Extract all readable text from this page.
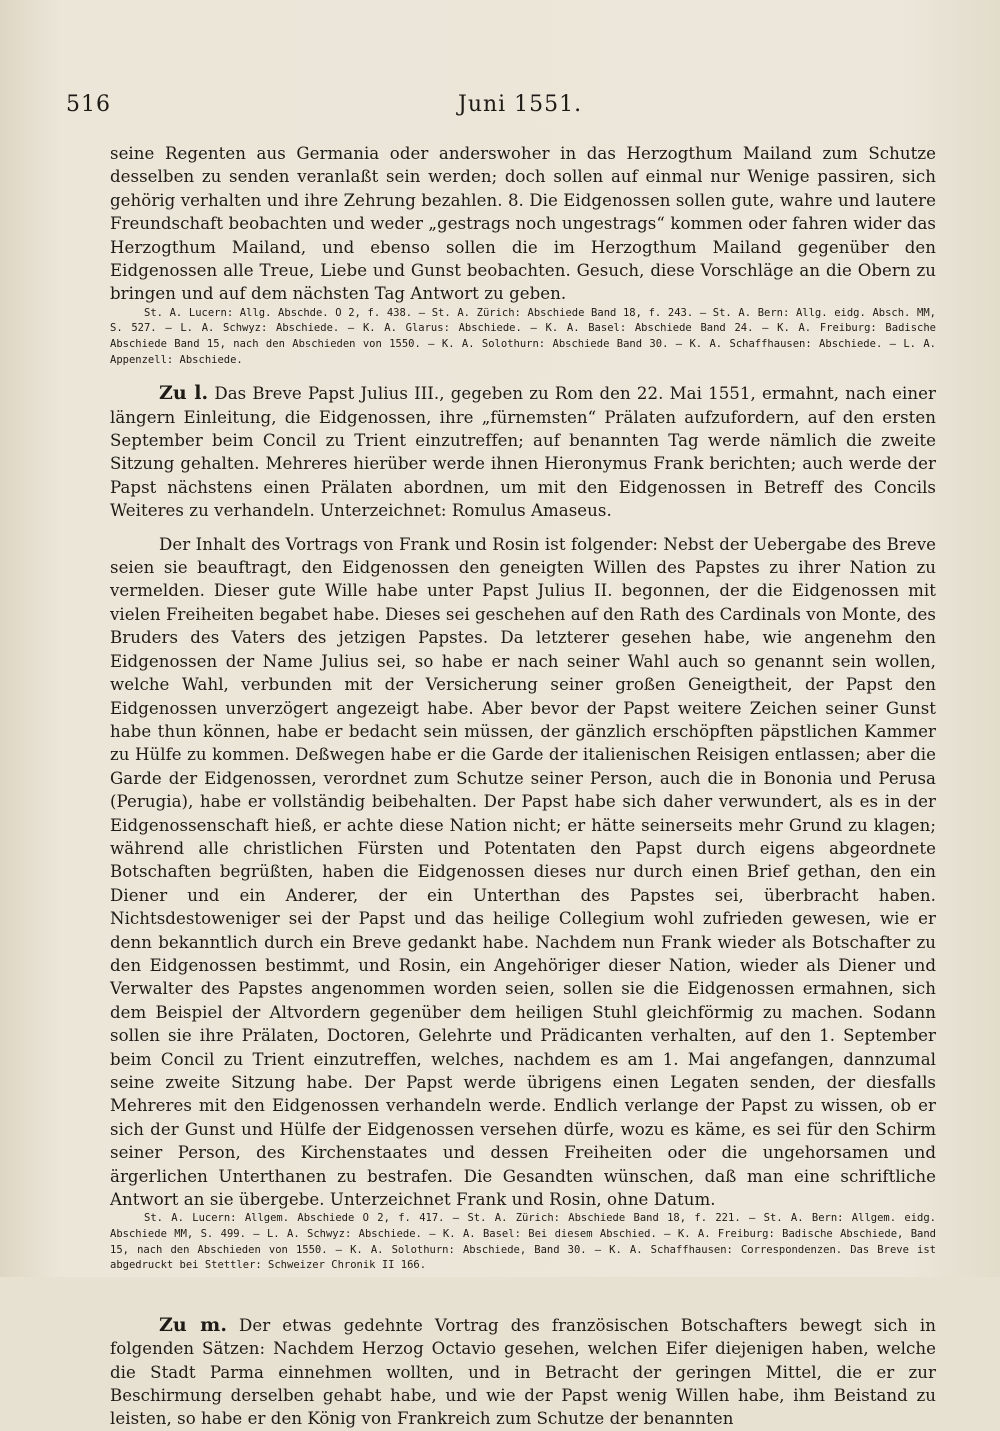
516	Juni 1551.

seine Regenten aus Germania oder anderswoher in das Herzogthum Mailand zum Schutze desselben zu senden veranlaßt sein werden; doch sollen auf einmal nur Wenige passiren, sich gehörig verhalten und ihre Zehrung bezahlen. 8. Die Eidgenossen sollen gute, wahre und lautere Freundschaft beobachten und weder „gestrags noch ungestrags“ kommen oder fahren wider das Herzogthum Mailand, und ebenso sollen die im Herzogthum Mailand gegenüber den Eidgenossen alle Treue, Liebe und Gunst beobachten. Gesuch, diese Vorschläge an die Obern zu bringen und auf dem nächsten Tag Antwort zu geben.

St. A. Lucern: Allg. Abschde. O 2, f. 438. — St. A. Zürich: Abschiede Band 18, f. 243. — St. A. Bern: Allg. eidg. Absch. MM, S. 527. — L. A. Schwyz: Abschiede. — K. A. Glarus: Abschiede. — K. A. Basel: Abschiede Band 24. — K. A. Freiburg: Badische Abschiede Band 15, nach den Abschieden von 1550. — K. A. Solothurn: Abschiede Band 30. — K. A. Schaffhausen: Abschiede. — L. A. Appenzell: Abschiede.

Zu l. Das Breve Papst Julius III., gegeben zu Rom den 22. Mai 1551, ermahnt, nach einer längern Einleitung, die Eidgenossen, ihre „fürnemsten“ Prälaten aufzufordern, auf den ersten September beim Concil zu Trient einzutreffen; auf benannten Tag werde nämlich die zweite Sitzung gehalten. Mehreres hierüber werde ihnen Hieronymus Frank berichten; auch werde der Papst nächstens einen Prälaten abordnen, um mit den Eidgenossen in Betreff des Concils Weiteres zu verhandeln. Unterzeichnet: Romulus Amaseus.

Der Inhalt des Vortrags von Frank und Rosin ist folgender: Nebst der Uebergabe des Breve seien sie beauftragt, den Eidgenossen den geneigten Willen des Papstes zu ihrer Nation zu vermelden. Dieser gute Wille habe unter Papst Julius II. begonnen, der die Eidgenossen mit vielen Freiheiten begabet habe. Dieses sei geschehen auf den Rath des Cardinals von Monte, des Bruders des Vaters des jetzigen Papstes. Da letzterer gesehen habe, wie angenehm den Eidgenossen der Name Julius sei, so habe er nach seiner Wahl auch so genannt sein wollen, welche Wahl, verbunden mit der Versicherung seiner großen Geneigtheit, der Papst den Eidgenossen unverzögert angezeigt habe. Aber bevor der Papst weitere Zeichen seiner Gunst habe thun können, habe er bedacht sein müssen, der gänzlich erschöpften päpstlichen Kammer zu Hülfe zu kommen. Deßwegen habe er die Garde der italienischen Reisigen entlassen; aber die Garde der Eidgenossen, verordnet zum Schutze seiner Person, auch die in Bononia und Perusa (Perugia), habe er vollständig beibehalten. Der Papst habe sich daher verwundert, als es in der Eidgenossenschaft hieß, er achte diese Nation nicht; er hätte seinerseits mehr Grund zu klagen; während alle christlichen Fürsten und Potentaten den Papst durch eigens abgeordnete Botschaften begrüßten, haben die Eidgenossen dieses nur durch einen Brief gethan, den ein Diener und ein Anderer, der ein Unterthan des Papstes sei, überbracht haben. Nichtsdestoweniger sei der Papst und das heilige Collegium wohl zufrieden gewesen, wie er denn bekanntlich durch ein Breve gedankt habe. Nachdem nun Frank wieder als Botschafter zu den Eidgenossen bestimmt, und Rosin, ein Angehöriger dieser Nation, wieder als Diener und Verwalter des Papstes angenommen worden seien, sollen sie die Eidgenossen ermahnen, sich dem Beispiel der Altvordern gegenüber dem heiligen Stuhl gleichförmig zu machen. Sodann sollen sie ihre Prälaten, Doctoren, Gelehrte und Prädicanten verhalten, auf den 1. September beim Concil zu Trient einzutreffen, welches, nachdem es am 1. Mai angefangen, dannzumal seine zweite Sitzung habe. Der Papst werde übrigens einen Legaten senden, der diesfalls Mehreres mit den Eidgenossen verhandeln werde. Endlich verlange der Papst zu wissen, ob er sich der Gunst und Hülfe der Eidgenossen versehen dürfe, wozu es käme, es sei für den Schirm seiner Person, des Kirchenstaates und dessen Freiheiten oder die ungehorsamen und ärgerlichen Unterthanen zu bestrafen. Die Gesandten wünschen, daß man eine schriftliche Antwort an sie übergebe. Unterzeichnet Frank und Rosin, ohne Datum.

St. A. Lucern: Allgem. Abschiede O 2, f. 417. — St. A. Zürich: Abschiede Band 18, f. 221. — St. A. Bern: Allgem. eidg. Abschiede MM, S. 499. — L. A. Schwyz: Abschiede. — K. A. Basel: Bei diesem Abschied. — K. A. Freiburg: Badische Abschiede, Band 15, nach den Abschieden von 1550. — K. A. Solothurn: Abschiede, Band 30. — K. A. Schaffhausen: Correspondenzen. Das Breve ist abgedruckt bei Stettler: Schweizer Chronik II 166.

Zu m. Der etwas gedehnte Vortrag des französischen Botschafters bewegt sich in folgenden Sätzen: Nachdem Herzog Octavio gesehen, welchen Eifer diejenigen haben, welche die Stadt Parma einnehmen wollten, und in Betracht der geringen Mittel, die er zur Beschirmung derselben gehabt habe, und wie der Papst wenig Willen habe, ihm Beistand zu leisten, so habe er den König von Frankreich zum Schutze der benannten
